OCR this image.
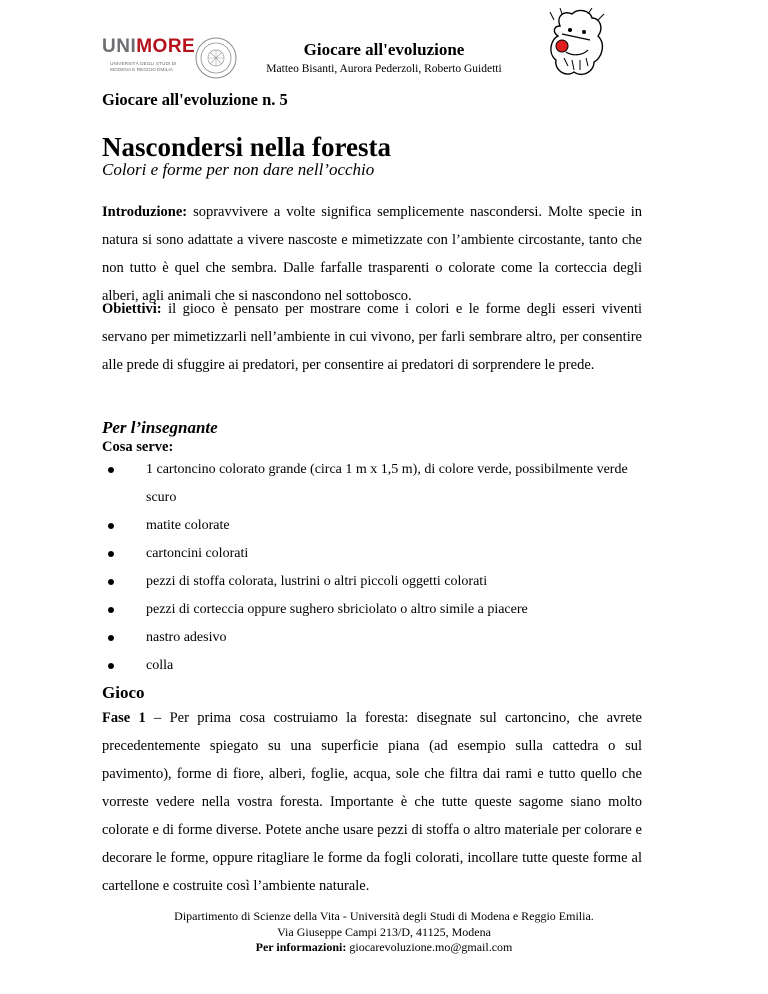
UNIMORE
UNIVERSITÀ DEGLI STUDI DI MODENA E REGGIO EMILIA
Giocare all'evoluzione
Matteo Bisanti, Aurora Pederzoli, Roberto Guidetti
Giocare all'evoluzione n. 5
Nascondersi nella foresta
Colori e forme per non dare nell’occhio
Introduzione: sopravvivere a volte significa semplicemente nascondersi. Molte specie in natura si sono adattate a vivere nascoste e mimetizzate con l’ambiente circostante, tanto che non tutto è quel che sembra. Dalle farfalle trasparenti o colorate come la corteccia degli alberi, agli animali che si nascondono nel sottobosco.
Obiettivi: il gioco è pensato per mostrare come i colori e le forme degli esseri viventi servano per mimetizzarli nell’ambiente in cui vivono, per farli sembrare altro, per consentire alle prede di sfuggire ai predatori, per consentire ai predatori di sorprendere le prede.
Per l’insegnante
Cosa serve:
1 cartoncino colorato grande (circa 1 m x 1,5 m), di colore verde, possibilmente verde scuro
matite colorate
cartoncini colorati
pezzi di stoffa colorata, lustrini o altri piccoli oggetti colorati
pezzi di corteccia oppure sughero sbriciolato o altro simile a piacere
nastro adesivo
colla
Gioco
Fase 1 – Per prima cosa costruiamo la foresta: disegnate sul cartoncino, che avrete precedentemente spiegato su una superficie piana (ad esempio sulla cattedra o sul pavimento), forme di fiore, alberi, foglie, acqua, sole che filtra dai rami e tutto quello che vorreste vedere nella vostra foresta. Importante è che tutte queste sagome siano molto colorate e di forme diverse. Potete anche usare pezzi di stoffa o altro materiale per colorare e decorare le forme, oppure ritagliare le forme da fogli colorati, incollare tutte queste forme al cartellone e costruite così l’ambiente naturale.
Dipartimento di Scienze della Vita - Università degli Studi di Modena e Reggio Emilia.
Via Giuseppe Campi 213/D, 41125, Modena
Per informazioni: giocarevoluzione.mo@gmail.com
